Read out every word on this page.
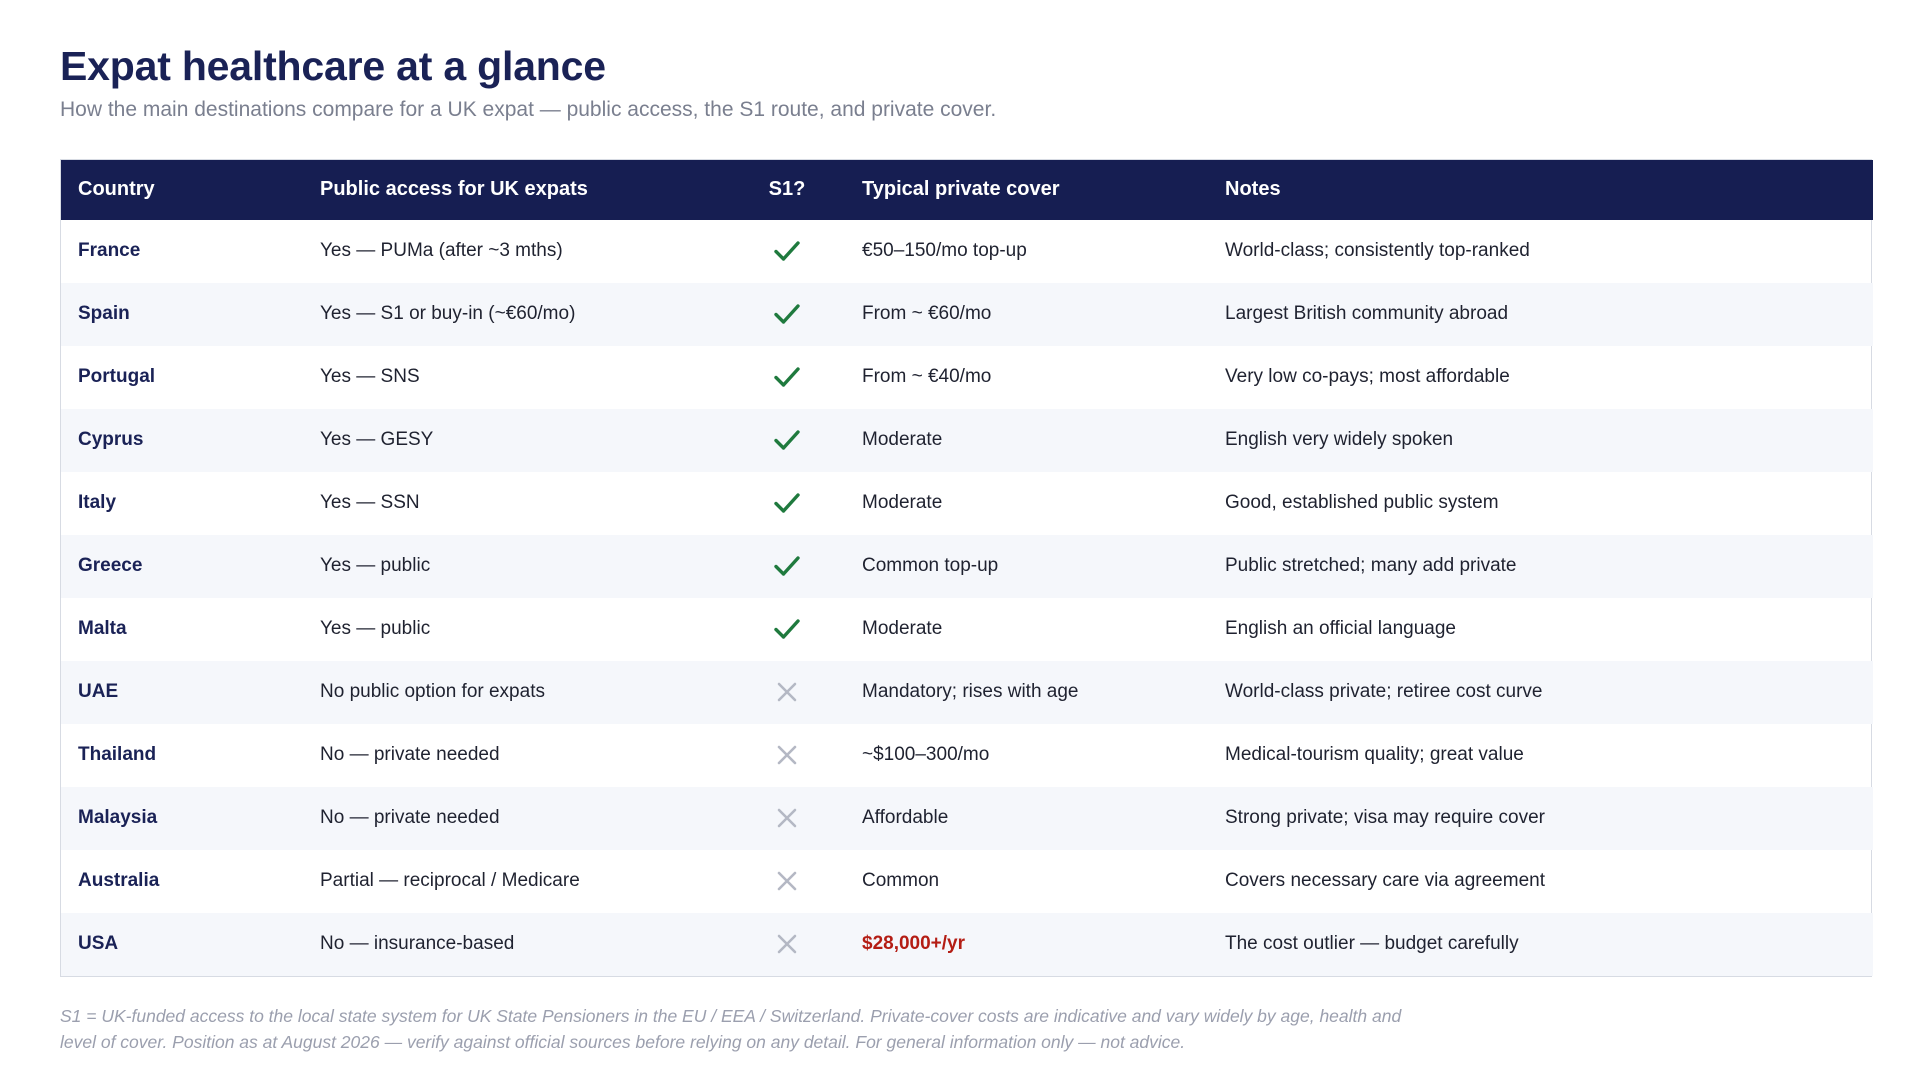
Expat healthcare at a glance

How the main destinations compare for a UK expat — public access, the S1 route, and private cover.

Country	Public access for UK expats	S1?	Typical private cover	Notes
France	Yes — PUMa (after ~3 mths)		€50–150/mo top-up	World-class; consistently top-ranked
Spain	Yes — S1 or buy-in (~€60/mo)		From ~ €60/mo	Largest British community abroad
Portugal	Yes — SNS		From ~ €40/mo	Very low co-pays; most affordable
Cyprus	Yes — GESY		Moderate	English very widely spoken
Italy	Yes — SSN		Moderate	Good, established public system
Greece	Yes — public		Common top-up	Public stretched; many add private
Malta	Yes — public		Moderate	English an official language
UAE	No public option for expats		Mandatory; rises with age	World-class private; retiree cost curve
Thailand	No — private needed		~$100–300/mo	Medical-tourism quality; great value
Malaysia	No — private needed		Affordable	Strong private; visa may require cover
Australia	Partial — reciprocal / Medicare		Common	Covers necessary care via agreement
USA	No — insurance-based		$28,000+/yr	The cost outlier — budget carefully

S1 = UK-funded access to the local state system for UK State Pensioners in the EU / EEA / Switzerland. Private-cover costs are indicative and vary widely by age, health and level of cover. Position as at August 2026 — verify against official sources before relying on any detail. For general information only — not advice.
